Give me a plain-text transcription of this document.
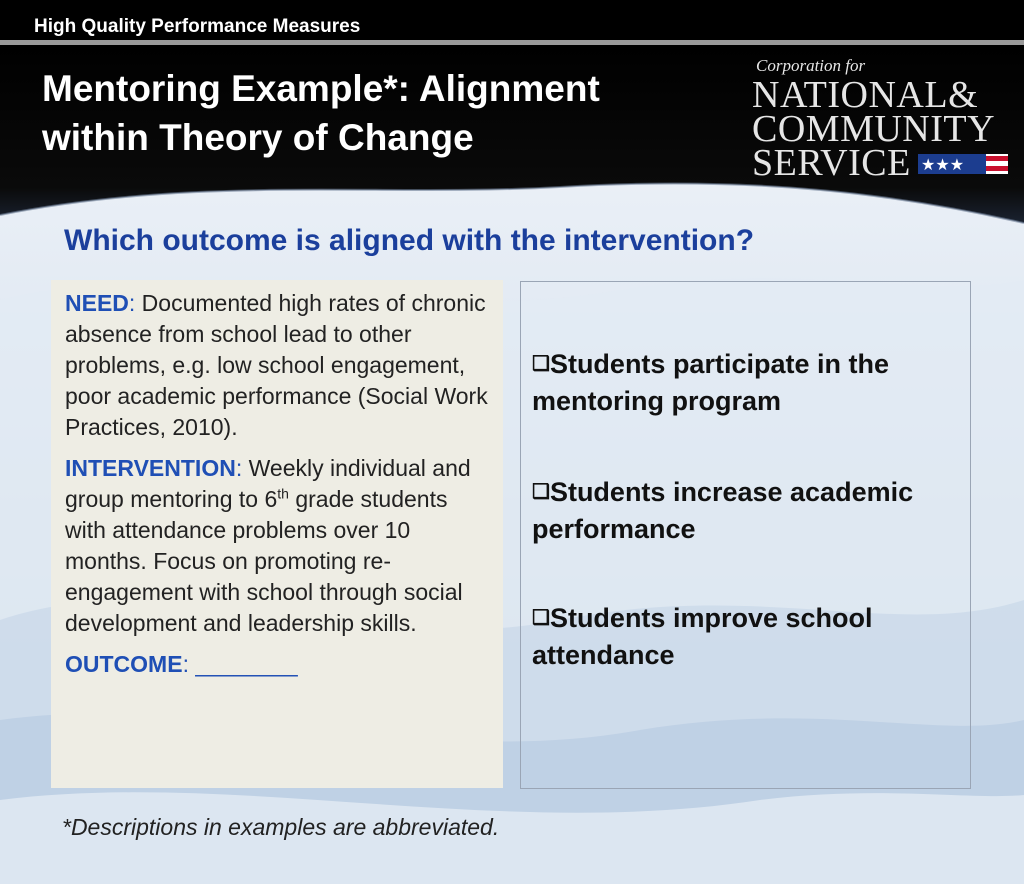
High Quality Performance Measures
Mentoring Example*: Alignment
within Theory of Change
Corporation for
NATIONAL&
COMMUNITY
SERVICE ★★★
Which outcome is aligned with the intervention?

NEED: Documented high rates of chronic absence from school lead to other problems, e.g. low school engagement, poor academic performance (Social Work Practices, 2010).

INTERVENTION: Weekly individual and group mentoring to 6th grade students with attendance problems over 10 months. Focus on promoting re-engagement with school through social development and leadership skills.

OUTCOME: ________

❑Students participate in the mentoring program
❑Students increase academic performance
❑Students improve school attendance
*Descriptions in examples are abbreviated.
